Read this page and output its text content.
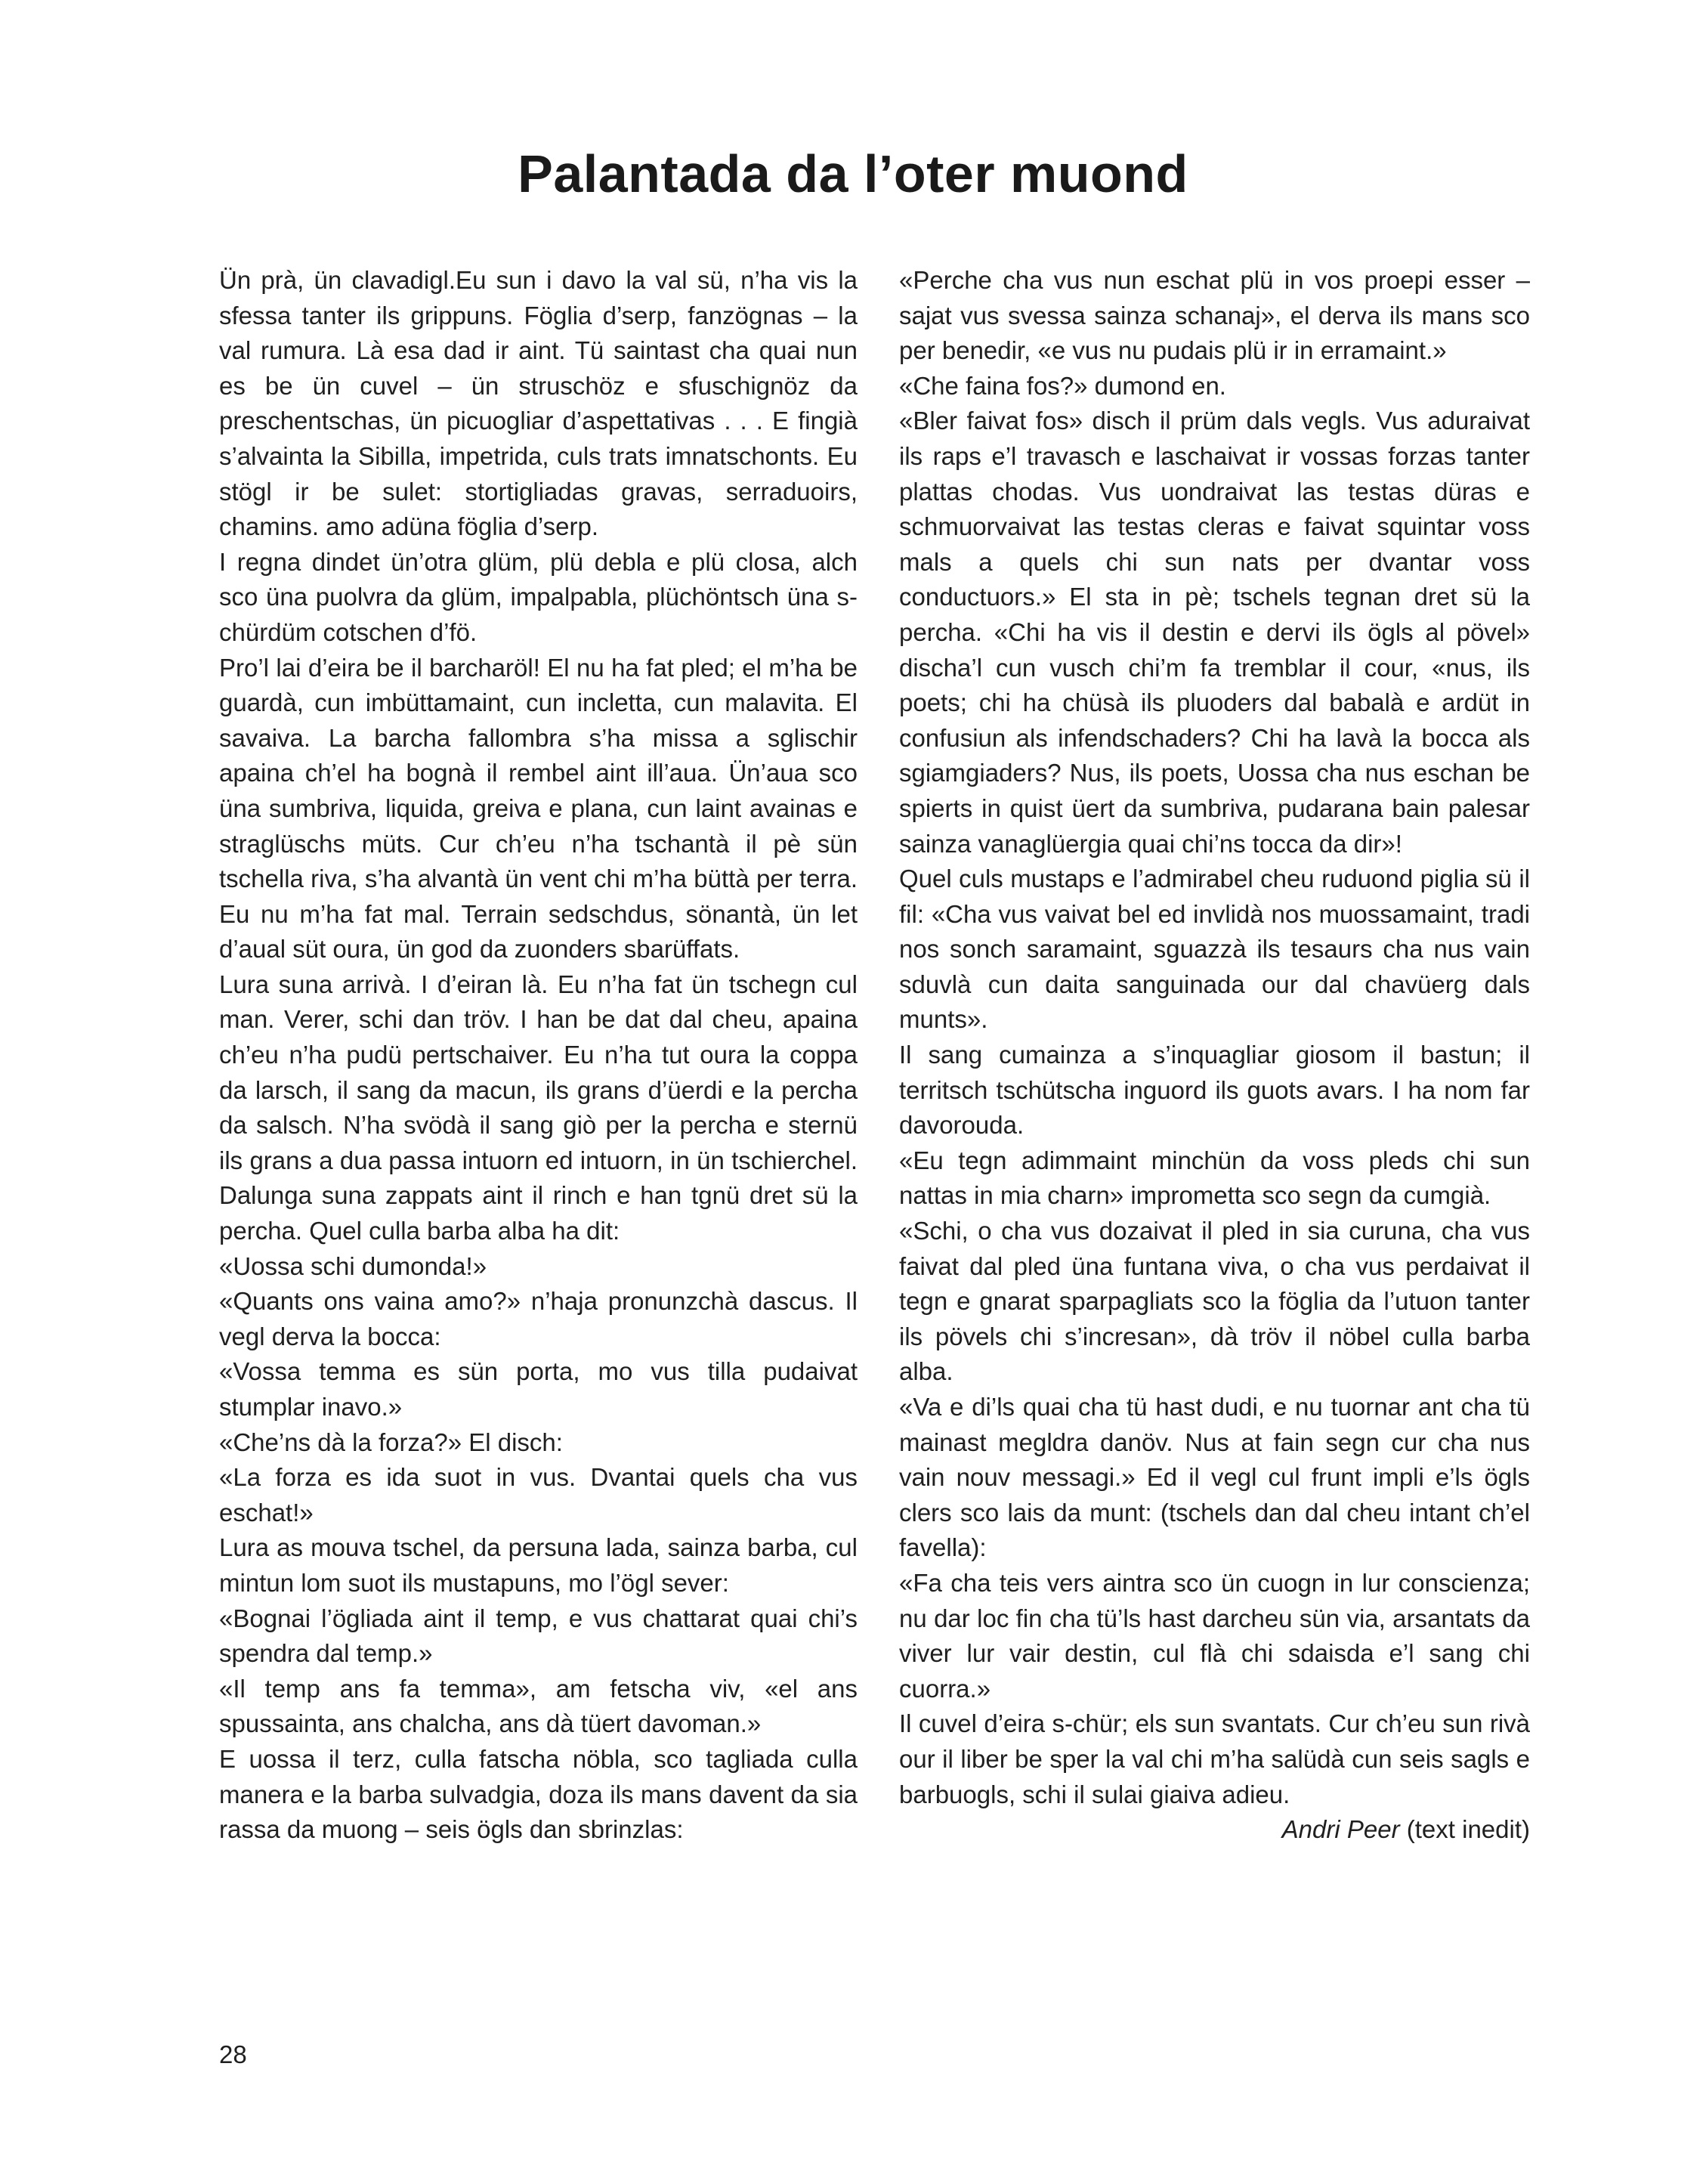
Palantada da l’oter muond

Ün prà, ün clavadigl.Eu sun i davo la val sü, n’ha vis la sfessa tanter ils grippuns. Föglia d’serp, fanzögnas – la val rumura. Là esa dad ir aint. Tü saintast cha quai nun es be ün cuvel – ün struschöz e sfuschignöz da preschentschas, ün picuogliar d’aspettativas . . . E fingià s’alvainta la Sibilla, impetrida, culs trats imnatschonts. Eu stögl ir be sulet: stortigliadas gravas, serraduoirs, chamins. amo adüna föglia d’serp.

I regna dindet ün’otra glüm, plü debla e plü closa, alch sco üna puolvra da glüm, impalpabla, plüchöntsch üna s-chürdüm cotschen d’fö.

Pro’l lai d’eira be il barcharöl! El nu ha fat pled; el m’ha be guardà, cun imbüttamaint, cun incletta, cun malavita. El savaiva. La barcha fallombra s’ha missa a sglischir apaina ch’el ha bognà il rembel aint ill’aua. Ün’aua sco üna sumbriva, liquida, greiva e plana, cun laint avainas e straglüschs müts. Cur ch’eu n’ha tschantà il pè sün tschella riva, s’ha alvantà ün vent chi m’ha büttà per terra. Eu nu m’ha fat mal. Terrain sedschdus, sönantà, ün let d’aual süt oura, ün god da zuonders sbarüffats.

Lura suna arrivà. I d’eiran là. Eu n’ha fat ün tschegn cul man. Verer, schi dan tröv. I han be dat dal cheu, apaina ch’eu n’ha pudü pertschaiver. Eu n’ha tut oura la coppa da larsch, il sang da macun, ils grans d’üerdi e la percha da salsch. N’ha svödà il sang giò per la percha e sternü ils grans a dua passa intuorn ed intuorn, in ün tschierchel. Dalunga suna zappats aint il rinch e han tgnü dret sü la percha. Quel culla barba alba ha dit:

«Uossa schi dumonda!»

«Quants ons vaina amo?» n’haja pronunzchà dascus. Il vegl derva la bocca:

«Vossa temma es sün porta, mo vus tilla pudaivat stumplar inavo.»

«Che’ns dà la forza?» El disch:

«La forza es ida suot in vus. Dvantai quels cha vus eschat!»

Lura as mouva tschel, da persuna lada, sainza barba, cul mintun lom suot ils mustapuns, mo l’ögl sever:

«Bognai l’ögliada aint il temp, e vus chattarat quai chi’s spendra dal temp.»

«Il temp ans fa temma», am fetscha viv, «el ans spussainta, ans chalcha, ans dà tüert davoman.»

E uossa il terz, culla fatscha nöbla, sco tagliada culla manera e la barba sulvadgia, doza ils mans davent da sia rassa da muong – seis ögls dan sbrinzlas:

«Perche cha vus nun eschat plü in vos proepi esser – sajat vus svessa sainza schanaj», el derva ils mans sco per benedir, «e vus nu pudais plü ir in erramaint.»

«Che faina fos?» dumond en.

«Bler faivat fos» disch il prüm dals vegls. Vus aduraivat ils raps e’l travasch e laschaivat ir vossas forzas tanter plattas chodas. Vus uondraivat las testas düras e schmuorvaivat las testas cleras e faivat squintar voss mals a quels chi sun nats per dvantar voss conductuors.» El sta in pè; tschels tegnan dret sü la percha. «Chi ha vis il destin e dervi ils ögls al pövel» discha’l cun vusch chi’m fa tremblar il cour, «nus, ils poets; chi ha chüsà ils pluoders dal babalà e ardüt in confusiun als infendschaders? Chi ha lavà la bocca als sgiamgiaders? Nus, ils poets, Uossa cha nus eschan be spierts in quist üert da sumbriva, pudarana bain palesar sainza vanaglüergia quai chi’ns tocca da dir»!

Quel culs mustaps e l’admirabel cheu ruduond piglia sü il fil: «Cha vus vaivat bel ed invlidà nos muossamaint, tradi nos sonch saramaint, sguazzà ils tesaurs cha nus vain sduvlà cun daita sanguinada our dal chavüerg dals munts».

Il sang cumainza a s’inquagliar giosom il bastun; il territsch tschütscha inguord ils guots avars. I ha nom far davorouda.

«Eu tegn adimmaint minchün da voss pleds chi sun nattas in mia charn» imprometta sco segn da cumgià.

«Schi, o cha vus dozaivat il pled in sia curuna, cha vus faivat dal pled üna funtana viva, o cha vus perdaivat il tegn e gnarat sparpagliats sco la föglia da l’utuon tanter ils pövels chi s’incresan», dà tröv il nöbel culla barba alba.

«Va e di’ls quai cha tü hast dudi, e nu tuornar ant cha tü mainast megldra danöv. Nus at fain segn cur cha nus vain nouv messagi.» Ed il vegl cul frunt impli e’ls ögls clers sco lais da munt: (tschels dan dal cheu intant ch’el favella):

«Fa cha teis vers aintra sco ün cuogn in lur conscienza; nu dar loc fin cha tü’ls hast darcheu sün via, arsantats da viver lur vair destin, cul flà chi sdaisda e’l sang chi cuorra.»

Il cuvel d’eira s-chür; els sun svantats. Cur ch’eu sun rivà our il liber be sper la val chi m’ha salüdà cun seis sagls e barbuogls, schi il sulai giaiva adieu.

Andri Peer (text inedit)

28
